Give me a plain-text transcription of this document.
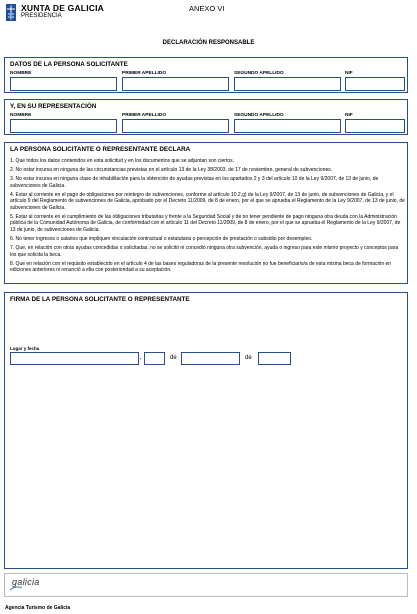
XUNTA DE GALICIA
PRESIDENCIA
ANEXO VI
DECLARACIÓN RESPONSABLE
DATOS DE LA PERSONA SOLICITANTE
NOMBRE	PRIMER APELLIDO	SEGUNDO APELLIDO	NIF
Y, EN SU REPRESENTACIÓN
NOMBRE	PRIMER APELLIDO	SEGUNDO APELLIDO	NIF
LA PERSONA SOLICITANTE O REPRESENTANTE DECLARA

1. Que todos los datos contenidos en esta solicitud y en los documentos que se adjuntan son ciertos.

2. No estar incursa en ninguna de las circunstancias previstas en el artículo 13 de la Ley 38/2003, de 17 de noviembre, general de subvenciones.

3. No estar incursa en ninguna clase de inhabilitación para la obtención de ayudas previstas en los apartados 2 y 3 del artículo 10 de la Ley 9/2007, de 13 de junio, de subvenciones de Galicia.

4. Estar al corriente en el pago de obligaciones por reintegro de subvenciones, conforme al artículo 10.2.g) de la Ley 9/2007, de 13 de junio, de subvenciones de Galicia, y el artículo 9 del Reglamento de subvenciones de Galicia, aprobado por el Decreto 11/2009, de 8 de enero, por el que se aprueba el Reglamento de la Ley 9/2007, de 13 de junio, de subvenciones de Galicia.

5. Estar al corriente en el cumplimiento de las obligaciones tributarias y frente a la Seguridad Social y de no tener pendiente de pago ninguna otra deuda con la Administración pública de la Comunidad Autónoma de Galicia, de conformidad con el artículo 11 del Decreto 11/2009, de 8 de enero, por el que se aprueba el Reglamento de la Ley 9/2007, de 13 de junio, de subvenciones de Galicia.

6. No tener ingresos o salarios que impliquen vinculación contractual o estatutaria o percepción de prestación o subsidio por desempleo.

7. Que, en relación con otras ayudas concedidas o solicitadas, no se solicitó ni concedió ninguna otra subvención, ayuda o ingreso para este mismo proyecto y conceptos para los que solicita la beca.

8. Que en relación con el requisito establecido en el artículo 4 de las bases reguladoras de la presente resolución no fue beneficiario/a de esta misma beca de formación en ediciones anteriores ni renunció a ella con posterioridad a su aceptación.

FIRMA DE LA PERSONA SOLICITANTE O REPRESENTANTE
Lugar y fecha
,	de	de
galicia
Agencia Turismo de Galicia
